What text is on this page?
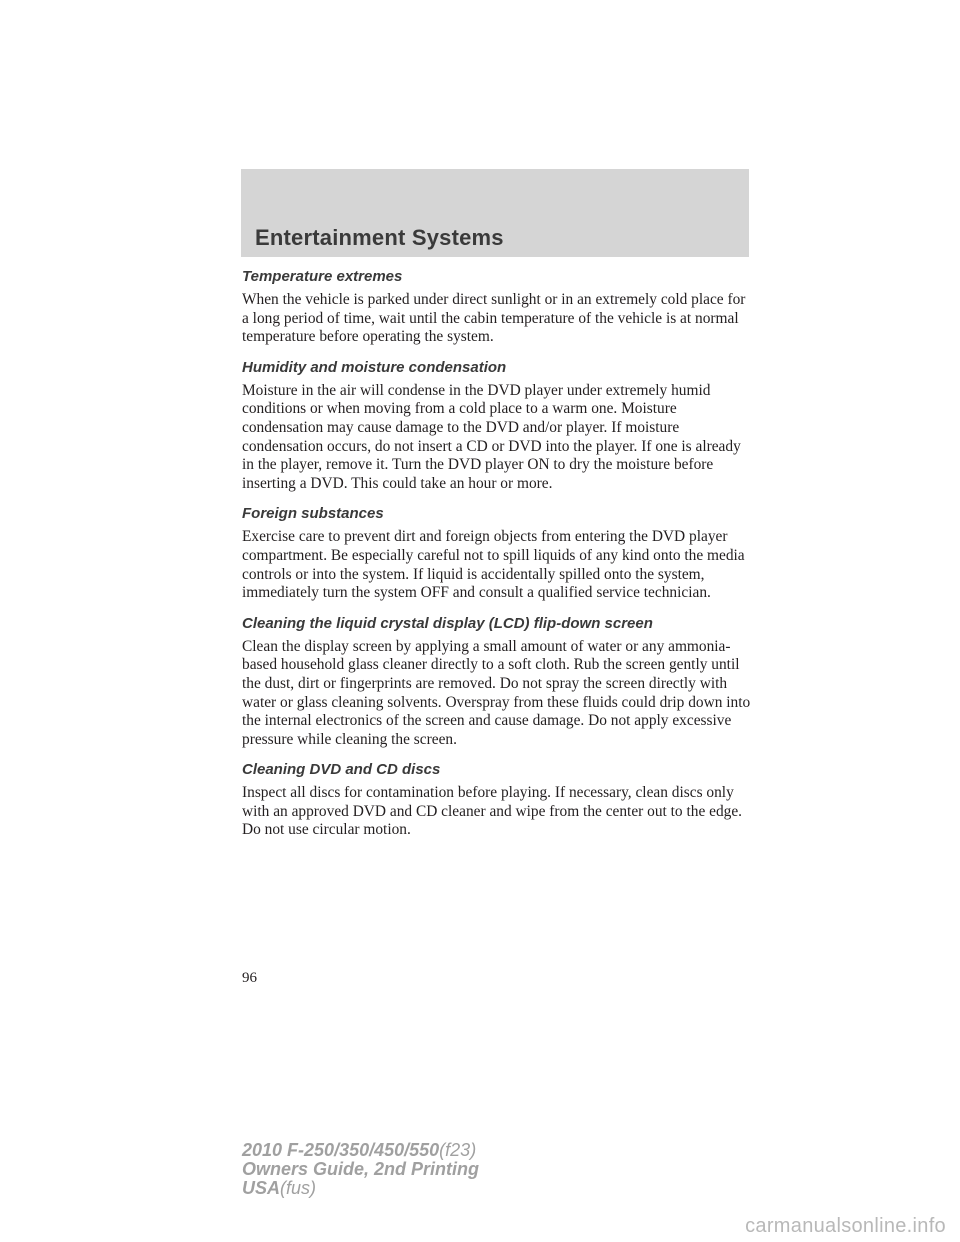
Entertainment Systems
Temperature extremes

When the vehicle is parked under direct sunlight or in an extremely cold place for a long period of time, wait until the cabin temperature of the vehicle is at normal temperature before operating the system.

Humidity and moisture condensation

Moisture in the air will condense in the DVD player under extremely humid conditions or when moving from a cold place to a warm one. Moisture condensation may cause damage to the DVD and/or player. If moisture condensation occurs, do not insert a CD or DVD into the player. If one is already in the player, remove it. Turn the DVD player ON to dry the moisture before inserting a DVD. This could take an hour or more.

Foreign substances

Exercise care to prevent dirt and foreign objects from entering the DVD player compartment. Be especially careful not to spill liquids of any kind onto the media controls or into the system. If liquid is accidentally spilled onto the system, immediately turn the system OFF and consult a qualified service technician.

Cleaning the liquid crystal display (LCD) flip-down screen

Clean the display screen by applying a small amount of water or any ammonia-based household glass cleaner directly to a soft cloth. Rub the screen gently until the dust, dirt or fingerprints are removed. Do not spray the screen directly with water or glass cleaning solvents. Overspray from these fluids could drip down into the internal electronics of the screen and cause damage. Do not apply excessive pressure while cleaning the screen.

Cleaning DVD and CD discs

Inspect all discs for contamination before playing. If necessary, clean discs only with an approved DVD and CD cleaner and wipe from the center out to the edge. Do not use circular motion.

96
2010 F-250/350/450/550(f23)
Owners Guide, 2nd Printing
USA(fus)
carmanualsonline.info
